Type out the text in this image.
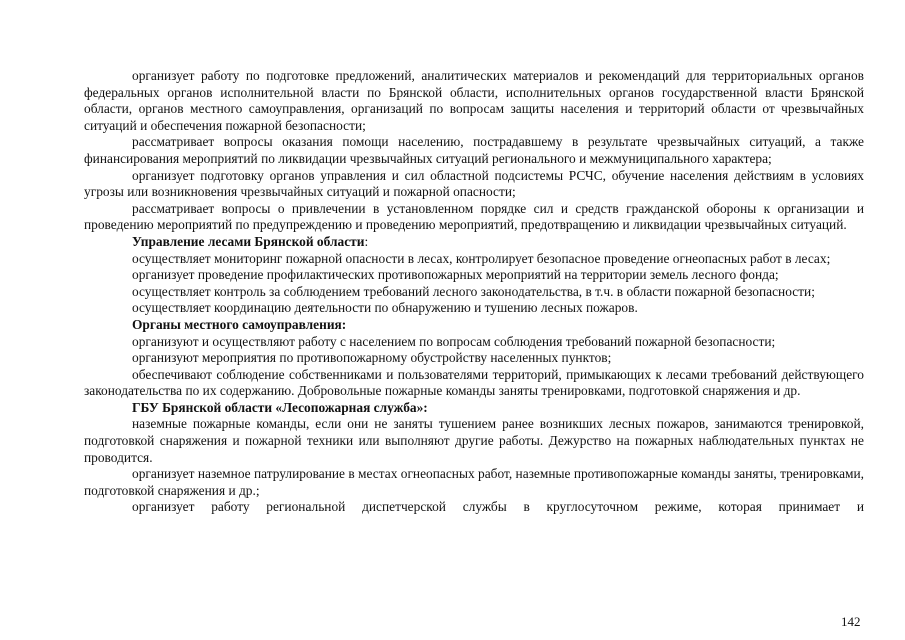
организует работу по подготовке предложений, аналитических материалов и рекомендаций для территориальных органов федеральных органов исполнительной власти по Брянской области, исполнительных органов государственной власти Брянской области, органов местного самоуправления, организаций по вопросам защиты населения и территорий области от чрезвычайных ситуаций и обеспечения пожарной безопасности;

рассматривает вопросы оказания помощи населению, пострадавшему в результате чрезвычайных ситуаций, а также финансирования мероприятий по ликвидации чрезвычайных ситуаций регионального и межмуниципального характера;

организует подготовку органов управления и сил областной подсистемы РСЧС, обучение населения действиям в условиях угрозы или возникновения чрезвычайных ситуаций и пожарной опасности;

рассматривает вопросы о привлечении в установленном порядке сил и средств гражданской обороны к организации и проведению мероприятий по предупреждению и проведению мероприятий, предотвращению и ликвидации чрезвычайных ситуаций.

Управление лесами Брянской области:

осуществляет мониторинг пожарной опасности в лесах, контролирует безопасное проведение огнеопасных работ в лесах;

организует проведение профилактических противопожарных мероприятий на территории земель лесного фонда;

осуществляет контроль за соблюдением требований лесного законодательства, в т.ч. в области пожарной безопасности;

осуществляет координацию деятельности по обнаружению и тушению лесных пожаров.

Органы местного самоуправления:

организуют и осуществляют работу с населением по вопросам соблюдения требований пожарной безопасности;

организуют мероприятия по противопожарному обустройству населенных пунктов;

обеспечивают соблюдение собственниками и пользователями территорий, примыкающих к лесами требований действующего законодательства по их содержанию. Добровольные пожарные команды заняты тренировками, подготовкой снаряжения и др.

ГБУ Брянской области «Лесопожарная служба»:

наземные пожарные команды, если они не заняты тушением ранее возникших лесных пожаров, занимаются тренировкой, подготовкой снаряжения и пожарной техники или выполняют другие работы. Дежурство на пожарных наблюдательных пунктах не проводится.

организует наземное патрулирование в местах огнеопасных работ, наземные противопожарные команды заняты, тренировками, подготовкой снаряжения и др.;

организует работу региональной диспетчерской службы в круглосуточном режиме, которая принимает и

142
